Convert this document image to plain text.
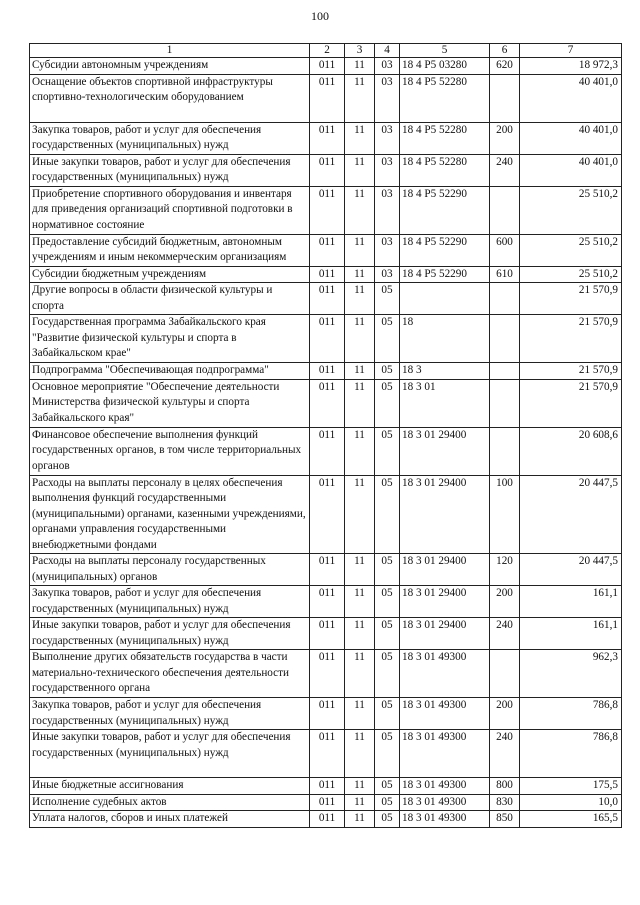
100
1	2	3	4	5	6	7
Субсидии автономным учреждениям	011	11	03	18 4 P5 03280	620	18 972,3
Оснащение объектов спортивной инфраструктуры спортивно-технологическим оборудованием	011	11	03	18 4 P5 52280		40 401,0
Закупка товаров, работ и услуг для обеспечения государственных (муниципальных) нужд	011	11	03	18 4 P5 52280	200	40 401,0
Иные закупки товаров, работ и услуг для обеспечения государственных (муниципальных) нужд	011	11	03	18 4 P5 52280	240	40 401,0
Приобретение спортивного оборудования и инвентаря для приведения организаций спортивной подготовки в нормативное состояние	011	11	03	18 4 P5 52290		25 510,2
Предоставление субсидий бюджетным, автономным учреждениям и иным некоммерческим организациям	011	11	03	18 4 P5 52290	600	25 510,2
Субсидии бюджетным учреждениям	011	11	03	18 4 P5 52290	610	25 510,2
Другие вопросы в области физической культуры и спорта	011	11	05			21 570,9
Государственная программа Забайкальского края "Развитие физической культуры и спорта в Забайкальском крае"	011	11	05	18		21 570,9
Подпрограмма "Обеспечивающая подпрограмма"	011	11	05	18 3		21 570,9
Основное мероприятие "Обеспечение деятельности Министерства физической культуры и спорта Забайкальского края"	011	11	05	18 3 01		21 570,9
Финансовое обеспечение выполнения функций государственных органов, в том числе территориальных органов	011	11	05	18 3 01 29400		20 608,6
Расходы на выплаты персоналу в целях обеспечения выполнения функций государственными (муниципальными) органами, казенными учреждениями, органами управления государственными внебюджетными фондами	011	11	05	18 3 01 29400	100	20 447,5
Расходы на выплаты персоналу государственных (муниципальных) органов	011	11	05	18 3 01 29400	120	20 447,5
Закупка товаров, работ и услуг для обеспечения государственных (муниципальных) нужд	011	11	05	18 3 01 29400	200	161,1
Иные закупки товаров, работ и услуг для обеспечения государственных (муниципальных) нужд	011	11	05	18 3 01 29400	240	161,1
Выполнение других обязательств государства в части материально-технического обеспечения деятельности государственного органа	011	11	05	18 3 01 49300		962,3
Закупка товаров, работ и услуг для обеспечения государственных (муниципальных) нужд	011	11	05	18 3 01 49300	200	786,8
Иные закупки товаров, работ и услуг для обеспечения государственных (муниципальных) нужд	011	11	05	18 3 01 49300	240	786,8
Иные бюджетные ассигнования	011	11	05	18 3 01 49300	800	175,5
Исполнение судебных актов	011	11	05	18 3 01 49300	830	10,0
Уплата налогов, сборов и иных платежей	011	11	05	18 3 01 49300	850	165,5
